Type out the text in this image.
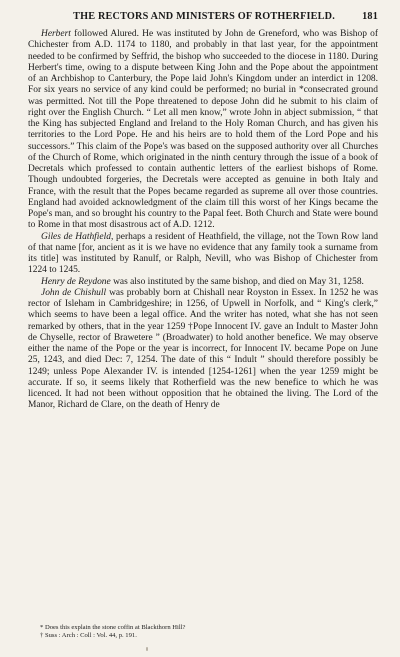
THE RECTORS AND MINISTERS OF ROTHERFIELD.	181

Herbert followed Alured. He was instituted by John de Greneford, who was Bishop of Chichester from A.D. 1174 to 1180, and probably in that last year, for the appointment needed to be confirmed by Seffrid, the bishop who succeeded to the diocese in 1180. During Herbert's time, owing to a dispute between King John and the Pope about the appointment of an Archbishop to Canterbury, the Pope laid John's Kingdom under an interdict in 1208. For six years no service of any kind could be performed; no burial in *consecrated ground was permitted. Not till the Pope threatened to depose John did he submit to his claim of right over the English Church. “ Let all men know,” wrote John in abject submission, “ that the King has subjected England and Ireland to the Holy Roman Church, and has given his territories to the Lord Pope. He and his heirs are to hold them of the Lord Pope and his successors.” This claim of the Pope's was based on the supposed authority over all Churches of the Church of Rome, which originated in the ninth century through the issue of a book of Decretals which professed to contain authentic letters of the earliest bishops of Rome. Though undoubted forgeries, the Decretals were accepted as genuine in both Italy and France, with the result that the Popes became regarded as supreme all over those countries. England had avoided acknowledgment of the claim till this worst of her Kings became the Pope's man, and so brought his country to the Papal feet. Both Church and State were bound to Rome in that most disastrous act of A.D. 1212.

Giles de Hathfield, perhaps a resident of Heathfield, the village, not the Town Row land of that name [for, ancient as it is we have no evidence that any family took a surname from its title] was instituted by Ranulf, or Ralph, Nevill, who was Bishop of Chichester from 1224 to 1245.

Henry de Reydone was also instituted by the same bishop, and died on May 31, 1258.

John de Chishull was probably born at Chishall near Royston in Essex. In 1252 he was rector of Isleham in Cambridgeshire; in 1256, of Upwell in Norfolk, and “ King's clerk,” which seems to have been a legal office. And the writer has noted, what she has not seen remarked by others, that in the year 1259 †Pope Innocent IV. gave an Indult to Master John de Chyselle, rector of Brawetere ” (Broadwater) to hold another benefice. We may observe either the name of the Pope or the year is incorrect, for Innocent IV. became Pope on June 25, 1243, and died Dec: 7, 1254. The date of this “ Indult ” should therefore possibly be 1249; unless Pope Alexander IV. is intended [1254-1261] when the year 1259 might be accurate. If so, it seems likely that Rotherfield was the new benefice to which he was licenced. It had not been without opposition that he obtained the living. The Lord of the Manor, Richard de Clare, on the death of Henry de

* Does this explain the stone coffin at Blackthorn Hill?
† Suss : Arch : Coll : Vol. 44, p. 191.
